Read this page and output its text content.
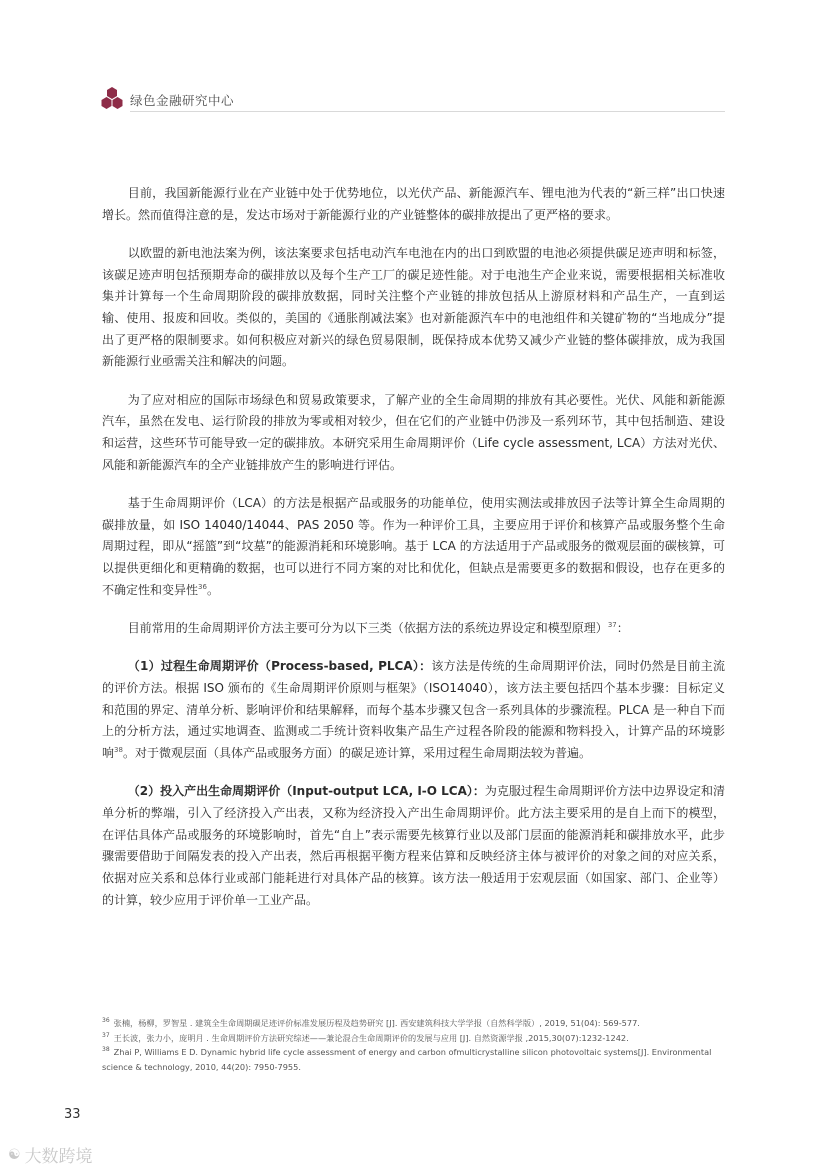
绿色金融研究中心

目前，我国新能源行业在产业链中处于优势地位，以光伏产品、新能源汽车、锂电池为代表的“新三样”出口快速增长。然而值得注意的是，发达市场对于新能源行业的产业链整体的碳排放提出了更严格的要求。

以欧盟的新电池法案为例，该法案要求包括电动汽车电池在内的出口到欧盟的电池必须提供碳足迹声明和标签，该碳足迹声明包括预期寿命的碳排放以及每个生产工厂的碳足迹性能。对于电池生产企业来说，需要根据相关标准收集并计算每一个生命周期阶段的碳排放数据，同时关注整个产业链的排放包括从上游原材料和产品生产，一直到运输、使用、报废和回收。类似的，美国的《通胀削减法案》也对新能源汽车中的电池组件和关键矿物的“当地成分”提出了更严格的限制要求。如何积极应对新兴的绿色贸易限制，既保持成本优势又减少产业链的整体碳排放，成为我国新能源行业亟需关注和解决的问题。

为了应对相应的国际市场绿色和贸易政策要求，了解产业的全生命周期的排放有其必要性。光伏、风能和新能源汽车，虽然在发电、运行阶段的排放为零或相对较少，但在它们的产业链中仍涉及一系列环节，其中包括制造、建设和运营，这些环节可能导致一定的碳排放。本研究采用生命周期评价（Life cycle assessment, LCA）方法对光伏、风能和新能源汽车的全产业链排放产生的影响进行评估。

基于生命周期评价（LCA）的方法是根据产品或服务的功能单位，使用实测法或排放因子法等计算全生命周期的碳排放量，如 ISO 14040/14044、PAS 2050 等。作为一种评价工具，主要应用于评价和核算产品或服务整个生命周期过程，即从“摇篮”到“坟墓”的能源消耗和环境影响。基于 LCA 的方法适用于产品或服务的微观层面的碳核算，可以提供更细化和更精确的数据，也可以进行不同方案的对比和优化，但缺点是需要更多的数据和假设，也存在更多的不确定性和变异性$^{36}$。

目前常用的生命周期评价方法主要可分为以下三类（依据方法的系统边界设定和模型原理）$^{37}$：

（1）过程生命周期评价（Process-based, PLCA）：该方法是传统的生命周期评价法，同时仍然是目前主流的评价方法。根据 ISO 颁布的《生命周期评价原则与框架》（ISO14040），该方法主要包括四个基本步骤：目标定义和范围的界定、清单分析、影响评价和结果解释，而每个基本步骤又包含一系列具体的步骤流程。PLCA 是一种自下而上的分析方法，通过实地调查、监测或二手统计资料收集产品生产过程各阶段的能源和物料投入，计算产品的环境影响$^{38}$。对于微观层面（具体产品或服务方面）的碳足迹计算，采用过程生命周期法较为普遍。

（2）投入产出生命周期评价（Input-output LCA, I-O LCA）：为克服过程生命周期评价方法中边界设定和清单分析的弊端，引入了经济投入产出表，又称为经济投入产出生命周期评价。此方法主要采用的是自上而下的模型，在评估具体产品或服务的环境影响时，首先“自上”表示需要先核算行业以及部门层面的能源消耗和碳排放水平，此步骤需要借助于间隔发表的投入产出表，然后再根据平衡方程来估算和反映经济主体与被评价的对象之间的对应关系，依据对应关系和总体行业或部门能耗进行对具体产品的核算。该方法一般适用于宏观层面（如国家、部门、企业等）的计算，较少应用于评价单一工业产品。

$^{36}$ 张楠，杨柳，罗智星 . 建筑全生命周期碳足迹评价标准发展历程及趋势研究 [J]. 西安建筑科技大学学报（自然科学版）, 2019, 51(04): 569-577.
$^{37}$ 王长波，张力小，庞明月 . 生命周期评价方法研究综述——兼论混合生命周期评价的发展与应用 [J]. 自然资源学报 ,2015,30(07):1232-1242.
$^{38}$ Zhai P, Williams E D. Dynamic hybrid life cycle assessment of energy and carbon ofmulticrystalline silicon photovoltaic systems[J]. Environmental science & technology, 2010, 44(20): 7950-7955.
33
☯ 大数跨境
